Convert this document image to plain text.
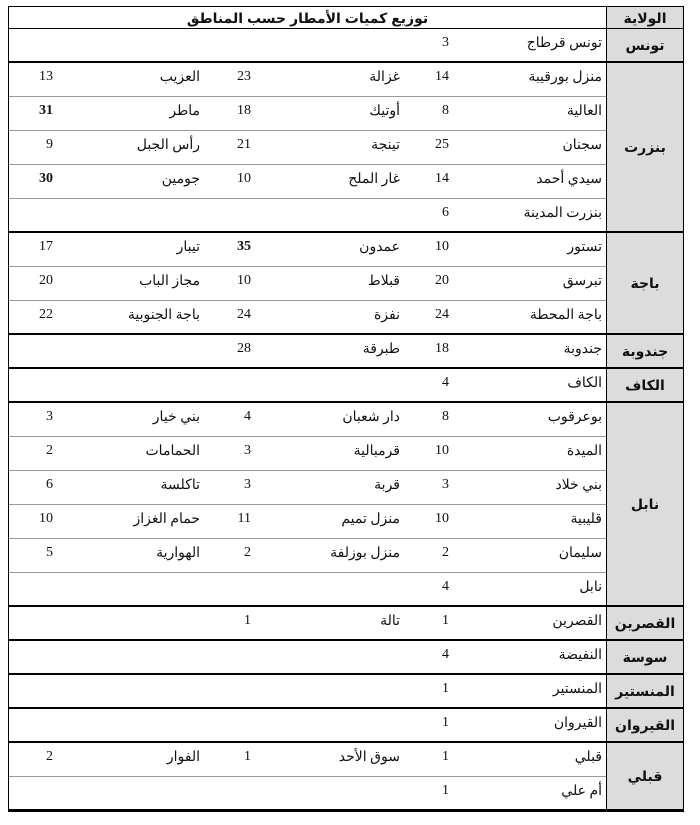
الولاية
توزيع كميات الأمطار حسب المناطق
تونس
تونس قرطاج
3
بنزرت
منزل بورقيبة
14
غزالة
23
العزيب
13
العالية
8
أوتيك
18
ماطر
31
سجنان
25
تينجة
21
رأس الجبل
9
سيدي أحمد
14
غار الملح
10
جومين
30
بنزرت المدينة
6
باجة
تستور
10
عمدون
35
تيبار
17
تبرسق
20
قبلاط
10
مجاز الباب
20
باجة المحطة
24
نفزة
24
باجة الجنوبية
22
جندوبة
جندوبة
18
طبرقة
28
الكاف
الكاف
4
نابل
بوعرقوب
8
دار شعبان
4
بني خيار
3
الميدة
10
قرمبالية
3
الحمامات
2
بني خلاد
3
قربة
3
تاكلسة
6
قليبية
10
منزل تميم
11
حمام الغزاز
10
سليمان
2
منزل بوزلفة
2
الهوارية
5
نابل
4
القصرين
القصرين
1
تالة
1
سوسة
النفيضة
4
المنستير
المنستير
1
القيروان
القيروان
1
قبلي
قبلي
1
سوق الأحد
1
الفوار
2
أم علي
1
